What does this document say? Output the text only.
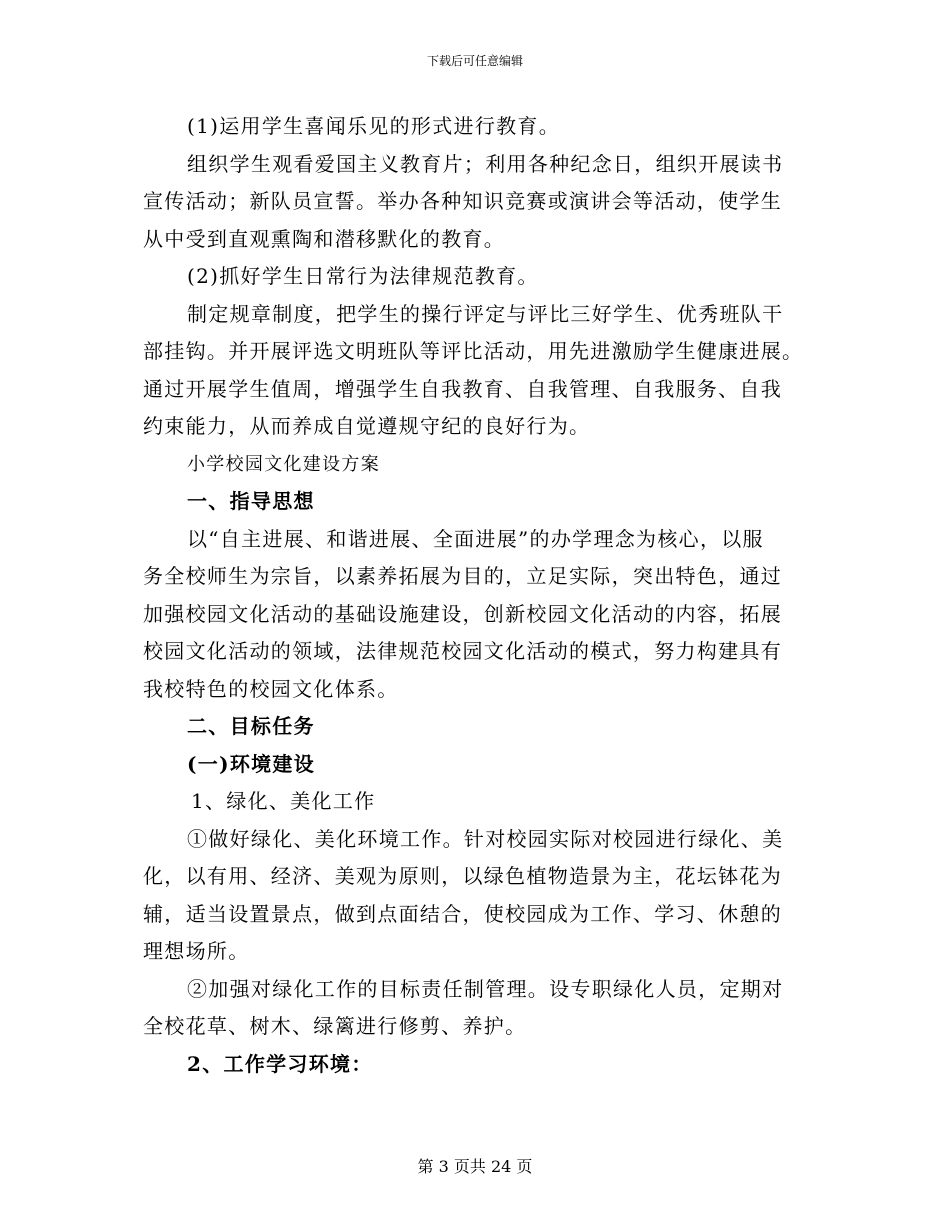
下载后可任意编辑
(1)运用学生喜闻乐见的形式进行教育。
组织学生观看爱国主义教育片；利用各种纪念日，组织开展读书
宣传活动；新队员宣誓。举办各种知识竞赛或演讲会等活动，使学生
从中受到直观熏陶和潜移默化的教育。
(2)抓好学生日常行为法律规范教育。
制定规章制度，把学生的操行评定与评比三好学生、优秀班队干
部挂钩。并开展评选文明班队等评比活动，用先进激励学生健康进展。
通过开展学生值周，增强学生自我教育、自我管理、自我服务、自我
约束能力，从而养成自觉遵规守纪的良好行为。
小学校园文化建设方案
一、指导思想
以“自主进展、和谐进展、全面进展”的办学理念为核心，以服
务全校师生为宗旨，以素养拓展为目的，立足实际，突出特色，通过
加强校园文化活动的基础设施建设，创新校园文化活动的内容，拓展
校园文化活动的领域，法律规范校园文化活动的模式，努力构建具有
我校特色的校园文化体系。
二、目标任务
(一)环境建设
1、绿化、美化工作
①做好绿化、美化环境工作。针对校园实际对校园进行绿化、美
化，以有用、经济、美观为原则，以绿色植物造景为主，花坛钵花为
辅，适当设置景点，做到点面结合，使校园成为工作、学习、休憩的
理想场所。
②加强对绿化工作的目标责任制管理。设专职绿化人员，定期对
全校花草、树木、绿篱进行修剪、养护。
2、工作学习环境：
第 3 页共 24 页
